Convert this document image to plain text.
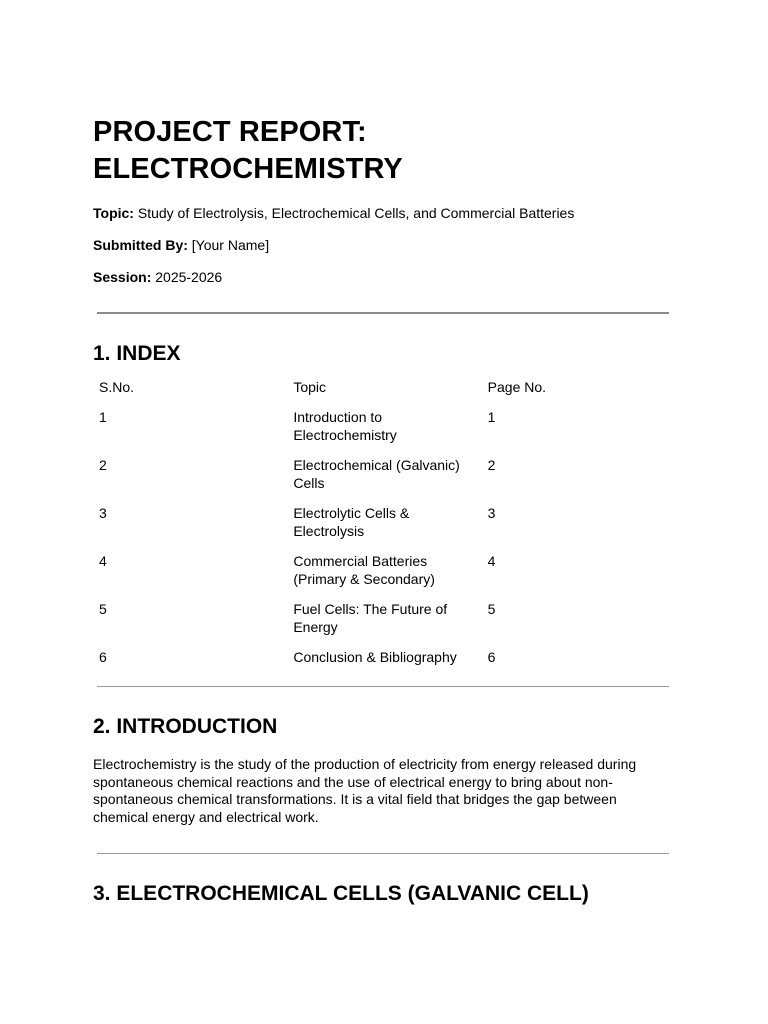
PROJECT REPORT:
ELECTROCHEMISTRY
Topic: Study of Electrolysis, Electrochemical Cells, and Commercial Batteries
Submitted By: [Your Name]
Session: 2025-2026
1. INDEX
S.No.	Topic	Page No.
1	Introduction to Electrochemistry	1
2	Electrochemical (Galvanic) Cells	2
3	Electrolytic Cells & Electrolysis	3
4	Commercial Batteries (Primary & Secondary)	4
5	Fuel Cells: The Future of Energy	5
6	Conclusion & Bibliography	6
2. INTRODUCTION

Electrochemistry is the study of the production of electricity from energy released during spontaneous chemical reactions and the use of electrical energy to bring about non-spontaneous chemical transformations. It is a vital field that bridges the gap between chemical energy and electrical work.

3. ELECTROCHEMICAL CELLS (GALVANIC CELL)
